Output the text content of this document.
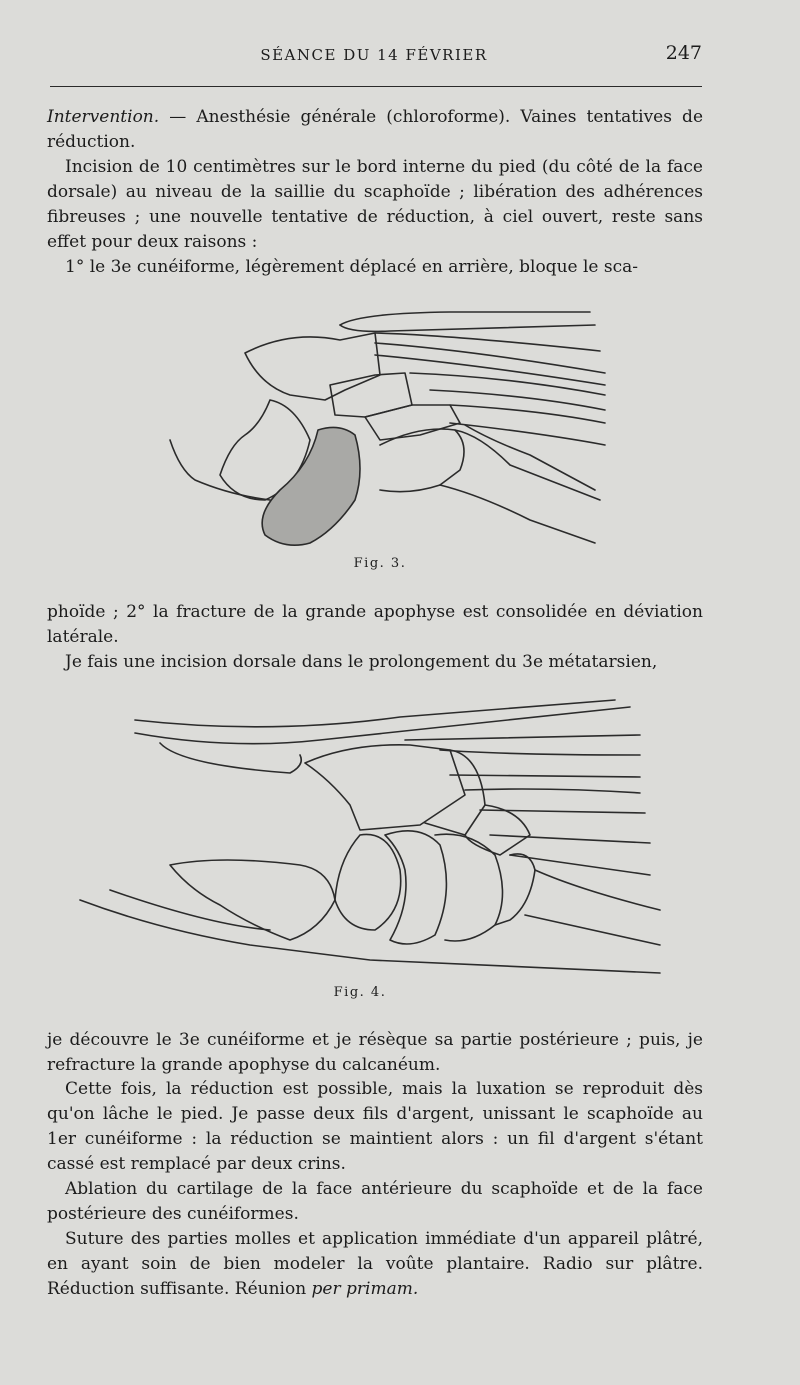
SÉANCE DU 14 FÉVRIER	247

Intervention. — Anesthésie générale (chloroforme). Vaines tentatives de réduction.

Incision de 10 centimètres sur le bord interne du pied (du côté de la face dorsale) au niveau de la saillie du scaphoïde ; libération des adhérences fibreuses ; une nouvelle tentative de réduction, à ciel ouvert, reste sans effet pour deux raisons :

1° le 3e cunéiforme, légèrement déplacé en arrière, bloque le sca-

Fig. 3.

phoïde ; 2° la fracture de la grande apophyse est consolidée en déviation latérale.

Je fais une incision dorsale dans le prolongement du 3e métatarsien,

Fig. 4.

je découvre le 3e cunéiforme et je résèque sa partie postérieure ; puis, je refracture la grande apophyse du calcanéum.

Cette fois, la réduction est possible, mais la luxation se reproduit dès qu'on lâche le pied. Je passe deux fils d'argent, unissant le scaphoïde au 1er cunéiforme : la réduction se maintient alors : un fil d'argent s'étant cassé est remplacé par deux crins.

Ablation du cartilage de la face antérieure du scaphoïde et de la face postérieure des cunéiformes.

Suture des parties molles et application immédiate d'un appareil plâtré, en ayant soin de bien modeler la voûte plantaire. Radio sur plâtre. Réduction suffisante. Réunion per primam.
